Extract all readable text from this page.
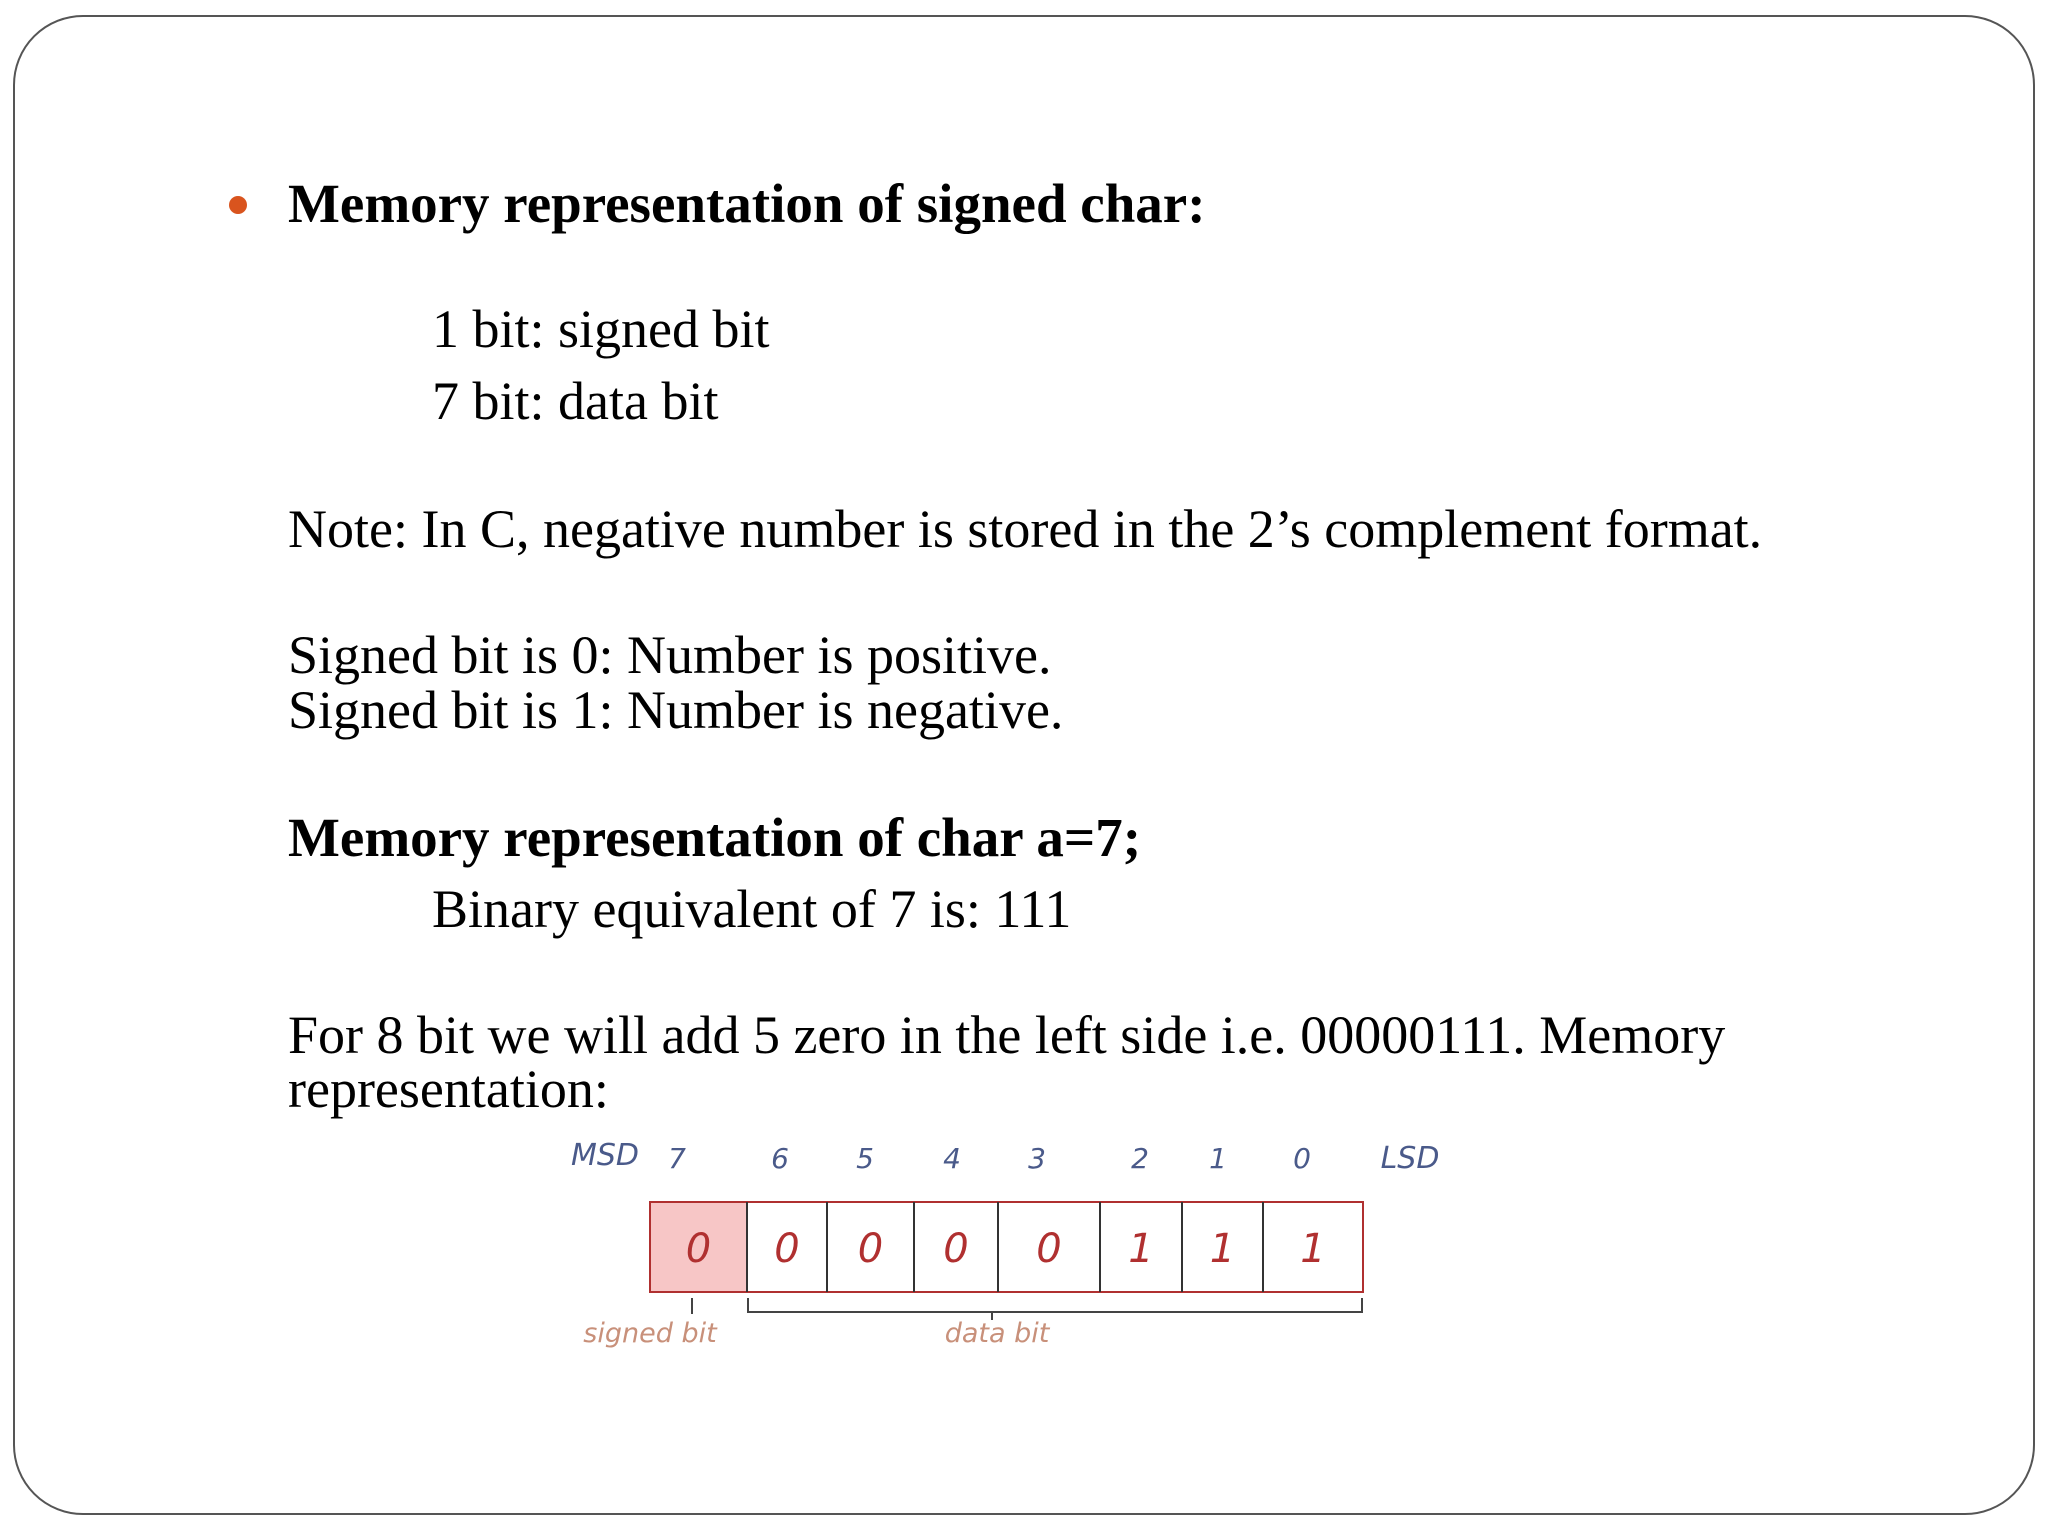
Memory representation of signed char:
1 bit: signed bit
7 bit: data bit
Note: In C, negative number is stored in the 2’s complement format.
Signed bit is 0: Number is positive.
Signed bit is 1: Number is negative.
Memory representation of char a=7;
Binary equivalent of 7 is: 111
For 8 bit we will add 5 zero in the left side i.e. 00000111. Memory
representation:
MSD	LSD
7
0
6
0
5
0
4
0
3
0
2
1
1
1
0
1
signed bit	data bit
